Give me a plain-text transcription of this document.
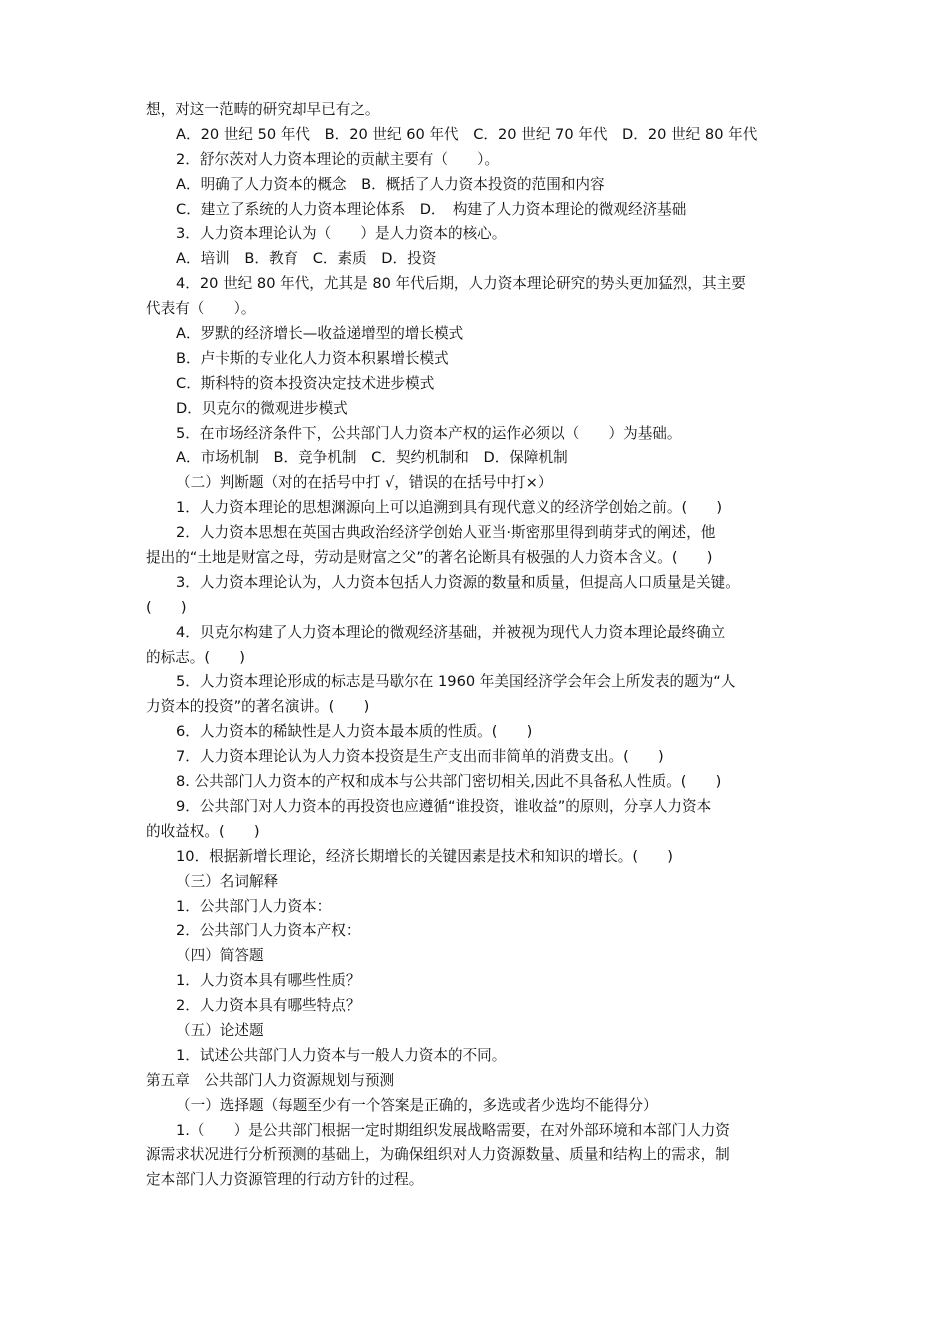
想，对这一范畴的研究却早已有之。
A．20 世纪 50 年代　B．20 世纪 60 年代　C．20 世纪 70 年代　D．20 世纪 80 年代
2．舒尔茨对人力资本理论的贡献主要有（　　）。
A．明确了人力资本的概念　B．概括了人力资本投资的范围和内容
C．建立了系统的人力资本理论体系　D．　构建了人力资本理论的微观经济基础
3．人力资本理论认为（　　）是人力资本的核心。
A．培训　B．教育　C．素质　D．投资
4．20 世纪 80 年代，尤其是 80 年代后期，人力资本理论研究的势头更加猛烈，其主要
代表有（　　）。
A．罗默的经济增长—收益递增型的增长模式
B．卢卡斯的专业化人力资本积累增长模式
C．斯科特的资本投资决定技术进步模式
D．贝克尔的微观进步模式
5．在市场经济条件下，公共部门人力资本产权的运作必须以（　　）为基础。
A．市场机制　B．竞争机制　C．契约机制和　D．保障机制
（二）判断题（对的在括号中打 √，错误的在括号中打×）
1．人力资本理论的思想渊源向上可以追溯到具有现代意义的经济学创始之前。(　　)
2．人力资本思想在英国古典政治经济学创始人亚当·斯密那里得到萌芽式的阐述，他
提出的“土地是财富之母，劳动是财富之父”的著名论断具有极强的人力资本含义。(　　)
3．人力资本理论认为，人力资本包括人力资源的数量和质量，但提高人口质量是关键。
(　　)
4．贝克尔构建了人力资本理论的微观经济基础，并被视为现代人力资本理论最终确立
的标志。(　　)
5．人力资本理论形成的标志是马歇尔在 1960 年美国经济学会年会上所发表的题为“人
力资本的投资”的著名演讲。(　　)
6．人力资本的稀缺性是人力资本最本质的性质。(　　)
7．人力资本理论认为人力资本投资是生产支出而非简单的消费支出。(　　)
8. 公共部门人力资本的产权和成本与公共部门密切相关,因此不具备私人性质。(　　)
9．公共部门对人力资本的再投资也应遵循“谁投资，谁收益”的原则，分享人力资本
的收益权。(　　)
10．根据新增长理论，经济长期增长的关键因素是技术和知识的增长。(　　)
（三）名词解释
1．公共部门人力资本：
2．公共部门人力资本产权：
（四）简答题
1．人力资本具有哪些性质？
2．人力资本具有哪些特点？
（五）论述题
1．试述公共部门人力资本与一般人力资本的不同。
第五章　公共部门人力资源规划与预测
（一）选择题（每题至少有一个答案是正确的，多选或者少选均不能得分）
1.（　　）是公共部门根据一定时期组织发展战略需要，在对外部环境和本部门人力资
源需求状况进行分析预测的基础上，为确保组织对人力资源数量、质量和结构上的需求，制
定本部门人力资源管理的行动方针的过程。
